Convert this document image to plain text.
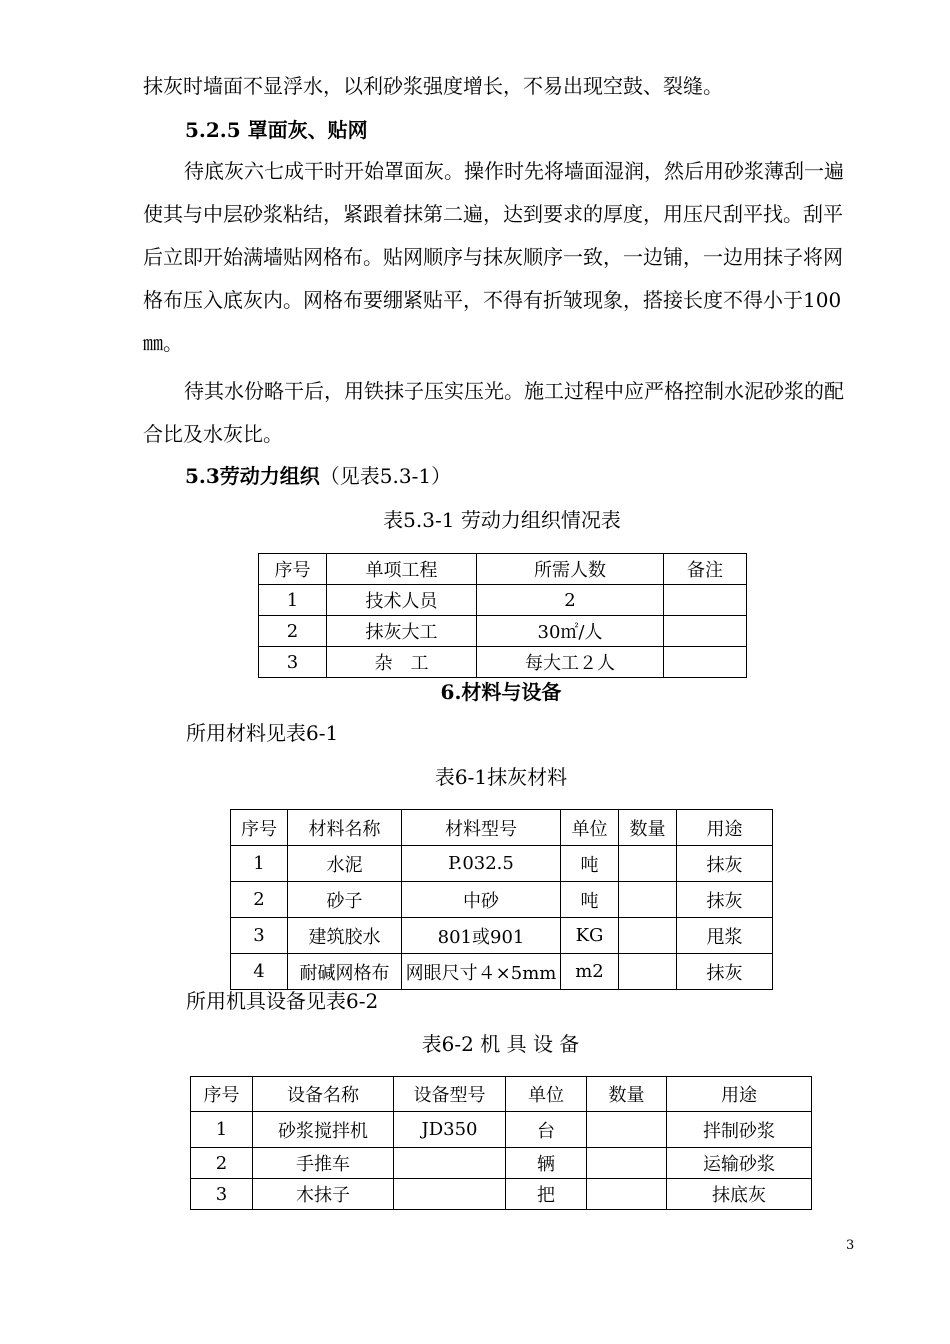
抹灰时墙面不显浮水，以利砂浆强度增长，不易出现空鼓、裂缝。
5.2.5 罩面灰、贴网
待底灰六七成干时开始罩面灰。操作时先将墙面湿润，然后用砂浆薄刮一遍使其与中层砂浆粘结，紧跟着抹第二遍，达到要求的厚度，用压尺刮平找。刮平后立即开始满墙贴网格布。贴网顺序与抹灰顺序一致，一边铺，一边用抹子将网格布压入底灰内。网格布要绷紧贴平，不得有折皱现象，搭接长度不得小于100㎜。
待其水份略干后，用铁抹子压实压光。施工过程中应严格控制水泥砂浆的配合比及水灰比。
5.3劳动力组织（见表5.3-1）
表5.3-1 劳动力组织情况表
序号	单项工程	所需人数	备注
1	技术人员	2	
2	抹灰大工	30㎡/人	
3	杂　工	每大工２人	
6.材料与设备
所用材料见表6-1
表6-1抹灰材料
序号	材料名称	材料型号	单位	数量	用途
1	水泥	P.032.5	吨		抹灰
2	砂子	中砂	吨		抹灰
3	建筑胶水	801或901	KG		甩浆
4	耐碱网格布	网眼尺寸４×5mm	m2		抹灰
所用机具设备见表6-2
表6-2 机 具 设 备
序号	设备名称	设备型号	单位	数量	用途
1	砂浆搅拌机	JD350	台		拌制砂浆
2	手推车		辆		运输砂浆
3	木抹子		把		抹底灰
3
